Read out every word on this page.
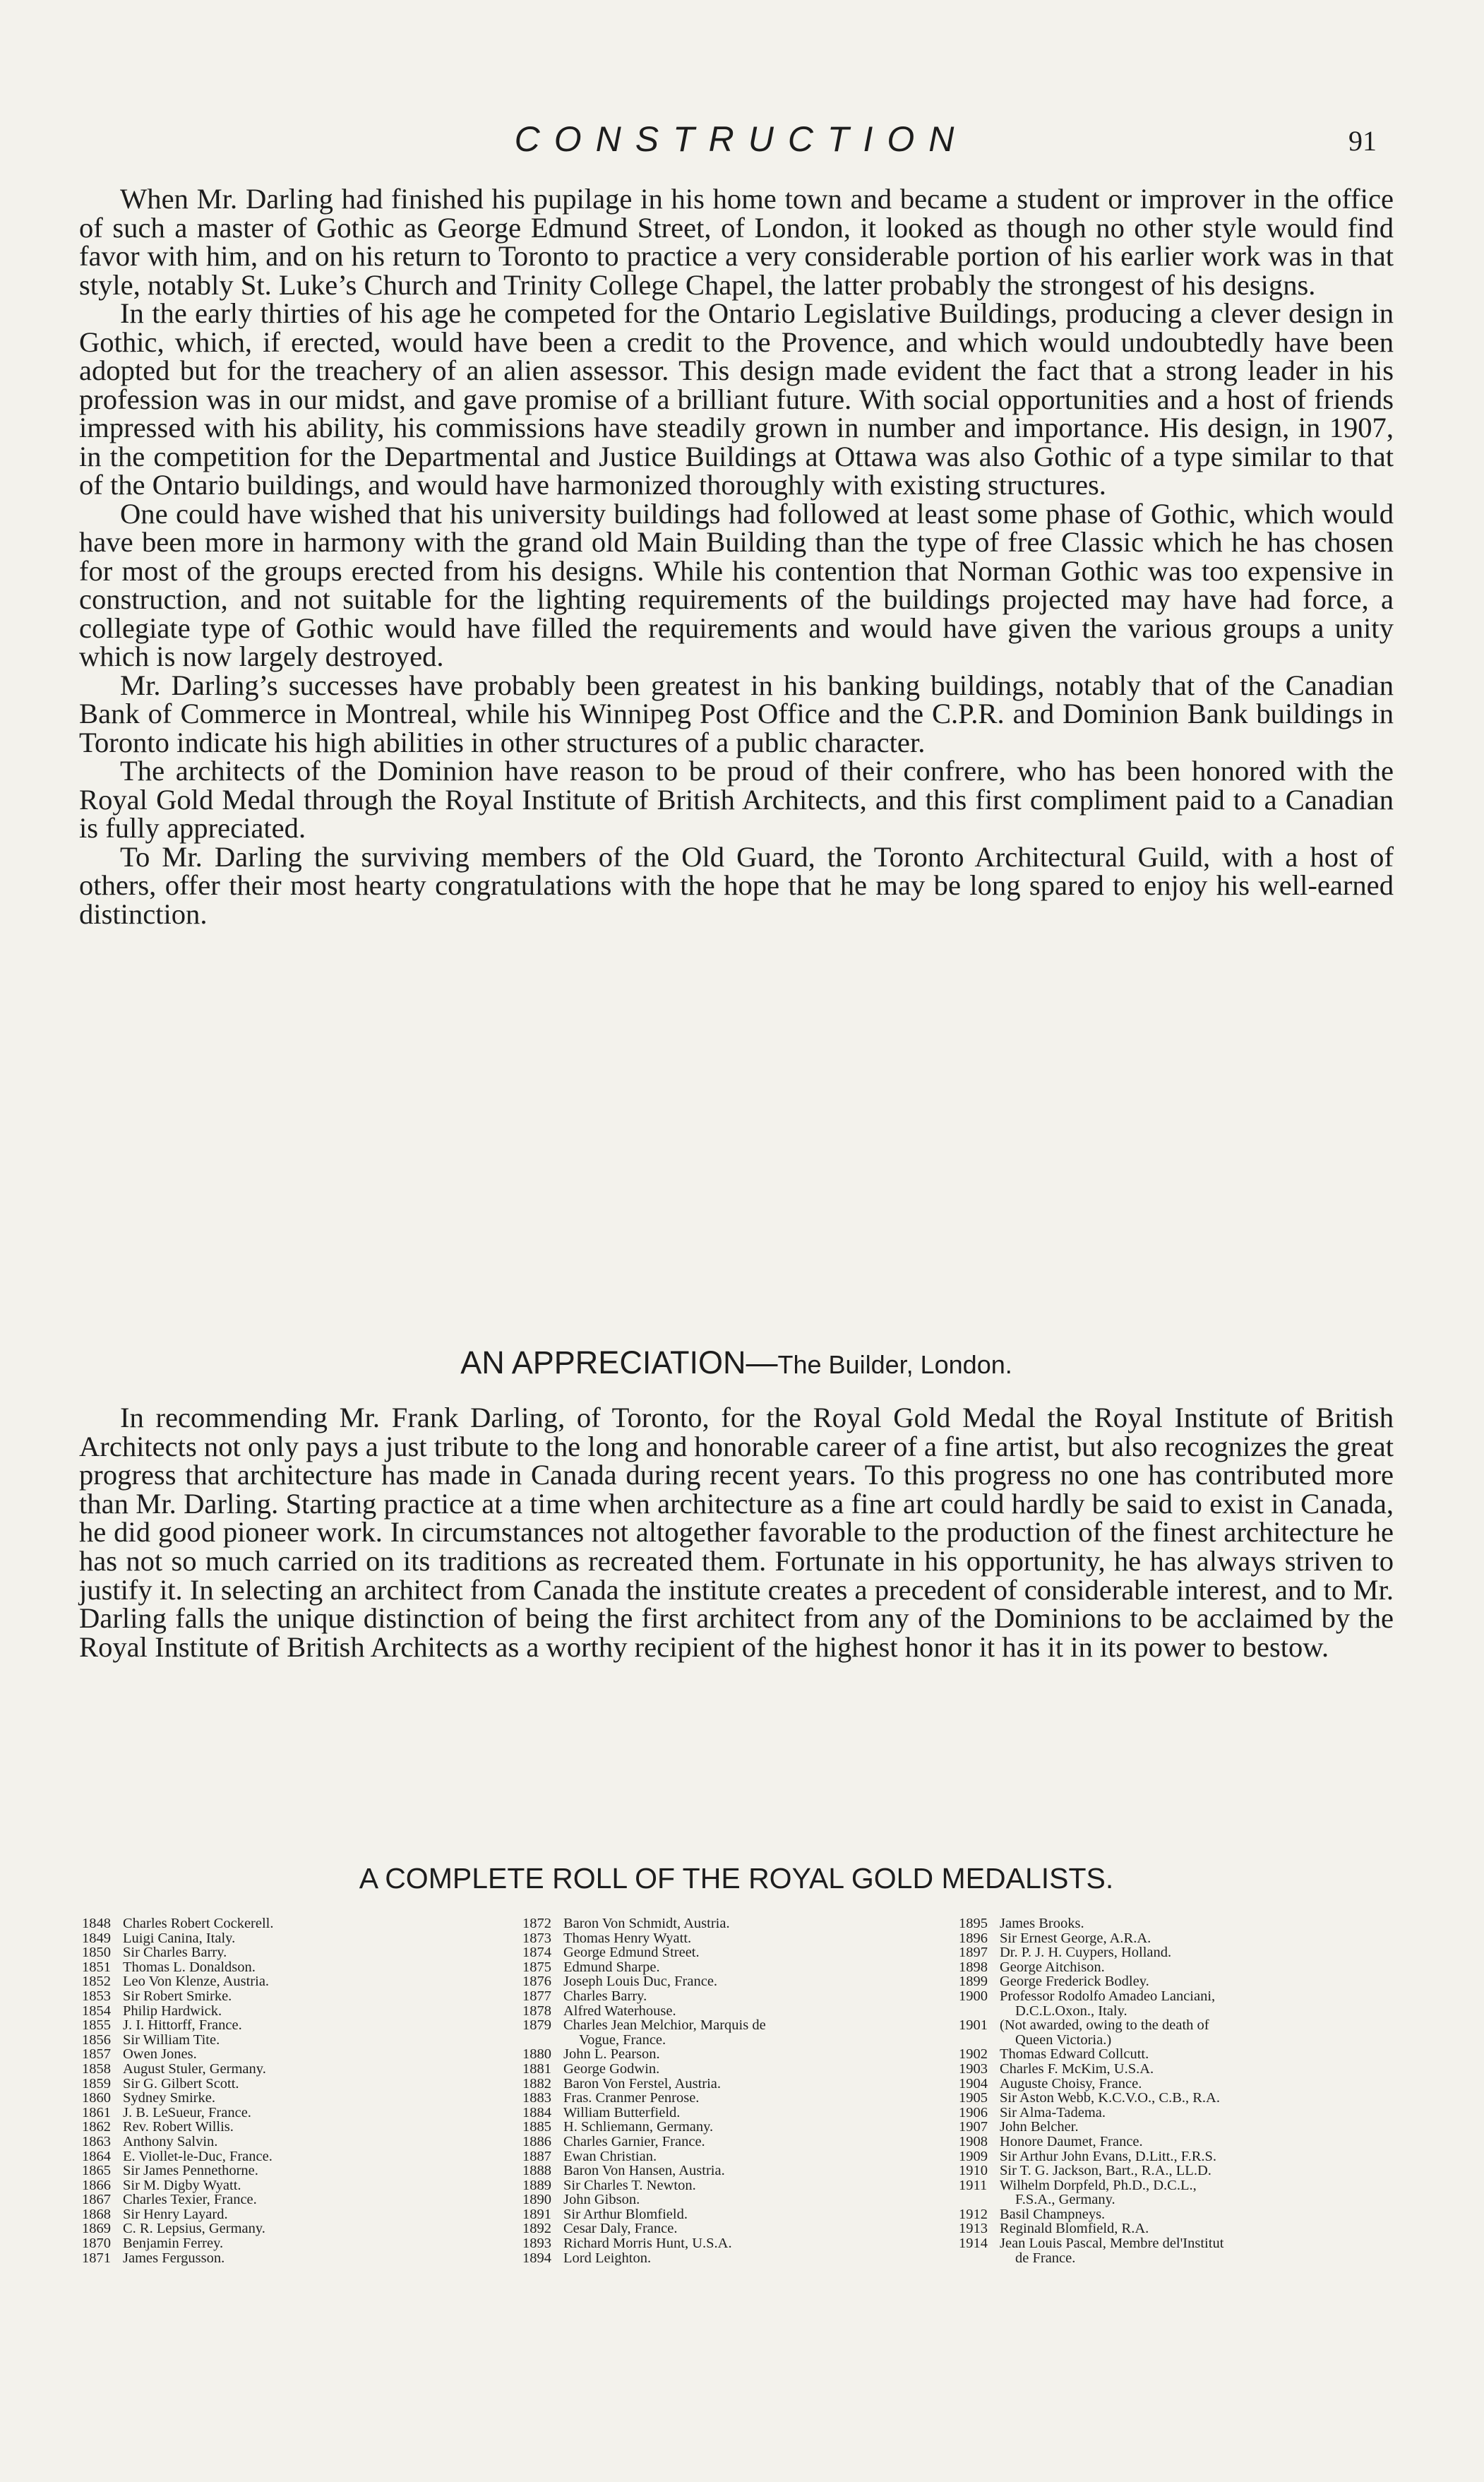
CONSTRUCTION	91

When Mr. Darling had finished his pupilage in his home town and became a student or improver in the office of such a master of Gothic as George Edmund Street, of London, it looked as though no other style would find favor with him, and on his return to Toronto to practice a very considerable portion of his earlier work was in that style, notably St. Luke’s Church and Trinity College Chapel, the latter probably the strongest of his designs.

In the early thirties of his age he competed for the Ontario Legislative Buildings, producing a clever design in Gothic, which, if erected, would have been a credit to the Provence, and which would undoubtedly have been adopted but for the treachery of an alien assessor. This design made evident the fact that a strong leader in his profession was in our midst, and gave promise of a brilliant future. With social opportunities and a host of friends impressed with his ability, his commissions have steadily grown in number and importance. His design, in 1907, in the competition for the Departmental and Justice Buildings at Ottawa was also Gothic of a type similar to that of the Ontario buildings, and would have harmonized thoroughly with existing structures.

One could have wished that his university buildings had followed at least some phase of Gothic, which would have been more in harmony with the grand old Main Building than the type of free Classic which he has chosen for most of the groups erected from his designs. While his contention that Norman Gothic was too expensive in construction, and not suitable for the lighting requirements of the buildings projected may have had force, a collegiate type of Gothic would have filled the requirements and would have given the various groups a unity which is now largely destroyed.

Mr. Darling’s successes have probably been greatest in his banking buildings, notably that of the Canadian Bank of Commerce in Montreal, while his Winnipeg Post Office and the C.P.R. and Dominion Bank buildings in Toronto indicate his high abilities in other structures of a public character.

The architects of the Dominion have reason to be proud of their confrere, who has been honored with the Royal Gold Medal through the Royal Institute of British Architects, and this first compliment paid to a Canadian is fully appreciated.

To Mr. Darling the surviving members of the Old Guard, the Toronto Architectural Guild, with a host of others, offer their most hearty congratulations with the hope that he may be long spared to enjoy his well-earned distinction.

AN APPRECIATION—The Builder, London.

In recommending Mr. Frank Darling, of Toronto, for the Royal Gold Medal the Royal Institute of British Architects not only pays a just tribute to the long and honorable career of a fine artist, but also recognizes the great progress that architecture has made in Canada during recent years. To this progress no one has contributed more than Mr. Darling. Starting practice at a time when architecture as a fine art could hardly be said to exist in Canada, he did good pioneer work. In circumstances not altogether favorable to the production of the finest architecture he has not so much carried on its traditions as recreated them. Fortunate in his opportunity, he has always striven to justify it. In selecting an architect from Canada the institute creates a precedent of considerable interest, and to Mr. Darling falls the unique distinction of being the first architect from any of the Dominions to be acclaimed by the Royal Institute of British Architects as a worthy recipient of the highest honor it has it in its power to bestow.

A COMPLETE ROLL OF THE ROYAL GOLD MEDALISTS.
1848 Charles Robert Cockerell.
1849 Luigi Canina, Italy.
1850 Sir Charles Barry.
1851 Thomas L. Donaldson.
1852 Leo Von Klenze, Austria.
1853 Sir Robert Smirke.
1854 Philip Hardwick.
1855 J. I. Hittorff, France.
1856 Sir William Tite.
1857 Owen Jones.
1858 August Stuler, Germany.
1859 Sir G. Gilbert Scott.
1860 Sydney Smirke.
1861 J. B. LeSueur, France.
1862 Rev. Robert Willis.
1863 Anthony Salvin.
1864 E. Viollet-le-Duc, France.
1865 Sir James Pennethorne.
1866 Sir M. Digby Wyatt.
1867 Charles Texier, France.
1868 Sir Henry Layard.
1869 C. R. Lepsius, Germany.
1870 Benjamin Ferrey.
1871 James Fergusson.
1872 Baron Von Schmidt, Austria.
1873 Thomas Henry Wyatt.
1874 George Edmund Street.
1875 Edmund Sharpe.
1876 Joseph Louis Duc, France.
1877 Charles Barry.
1878 Alfred Waterhouse.
1879 Charles Jean Melchior, Marquis de
Vogue, France.
1880 John L. Pearson.
1881 George Godwin.
1882 Baron Von Ferstel, Austria.
1883 Fras. Cranmer Penrose.
1884 William Butterfield.
1885 H. Schliemann, Germany.
1886 Charles Garnier, France.
1887 Ewan Christian.
1888 Baron Von Hansen, Austria.
1889 Sir Charles T. Newton.
1890 John Gibson.
1891 Sir Arthur Blomfield.
1892 Cesar Daly, France.
1893 Richard Morris Hunt, U.S.A.
1894 Lord Leighton.
1895 James Brooks.
1896 Sir Ernest George, A.R.A.
1897 Dr. P. J. H. Cuypers, Holland.
1898 George Aitchison.
1899 George Frederick Bodley.
1900 Professor Rodolfo Amadeo Lanciani,
D.C.L.Oxon., Italy.
1901 (Not awarded, owing to the death of
Queen Victoria.)
1902 Thomas Edward Collcutt.
1903 Charles F. McKim, U.S.A.
1904 Auguste Choisy, France.
1905 Sir Aston Webb, K.C.V.O., C.B., R.A.
1906 Sir Alma-Tadema.
1907 John Belcher.
1908 Honore Daumet, France.
1909 Sir Arthur John Evans, D.Litt., F.R.S.
1910 Sir T. G. Jackson, Bart., R.A., LL.D.
1911 Wilhelm Dorpfeld, Ph.D., D.C.L.,
F.S.A., Germany.
1912 Basil Champneys.
1913 Reginald Blomfield, R.A.
1914 Jean Louis Pascal, Membre del'Institut
de France.
